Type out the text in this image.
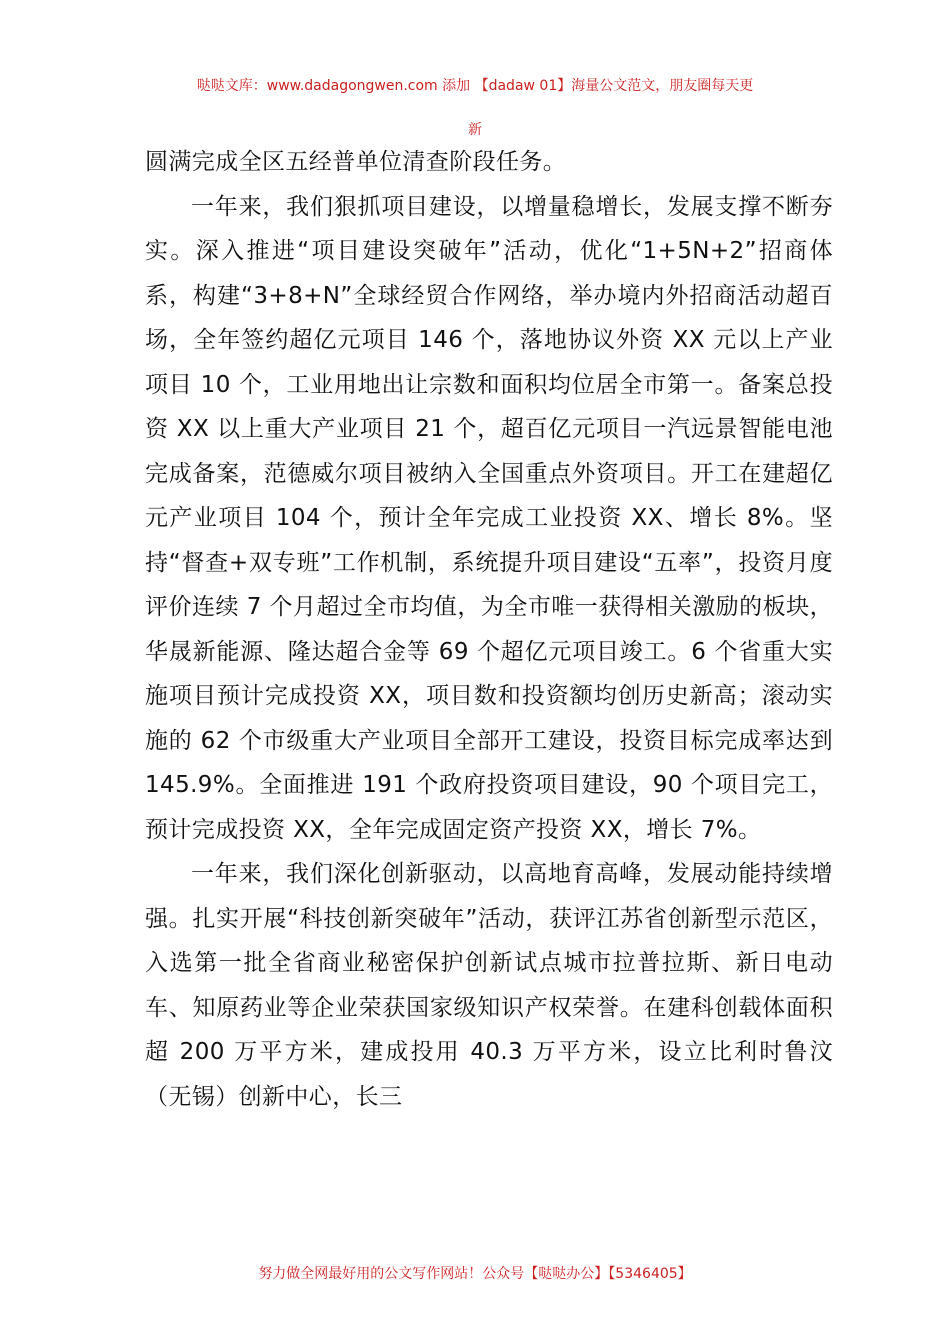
哒哒文库：www.dadagongwen.com 添加 【dadaw 01】海量公文范文，朋友圈每天更
新

圆满完成全区五经普单位清查阶段任务。

一年来，我们狠抓项目建设，以增量稳增长，发展支撑不断夯实。深入推进“项目建设突破年”活动，优化“1+5N+2”招商体系，构建“3+8+N”全球经贸合作网络，举办境内外招商活动超百场，全年签约超亿元项目 146 个，落地协议外资 XX 元以上产业项目 10 个，工业用地出让宗数和面积均位居全市第一。备案总投资 XX 以上重大产业项目 21 个，超百亿元项目一汽远景智能电池完成备案，范德威尔项目被纳入全国重点外资项目。开工在建超亿元产业项目 104 个，预计全年完成工业投资 XX、增长 8%。坚持“督查+双专班”工作机制，系统提升项目建设“五率”，投资月度评价连续 7 个月超过全市均值，为全市唯一获得相关激励的板块，华晟新能源、隆达超合金等 69 个超亿元项目竣工。6 个省重大实施项目预计完成投资 XX，项目数和投资额均创历史新高；滚动实施的 62 个市级重大产业项目全部开工建设，投资目标完成率达到 145.9%。全面推进 191 个政府投资项目建设，90 个项目完工，预计完成投资 XX，全年完成固定资产投资 XX，增长 7%。

一年来，我们深化创新驱动，以高地育高峰，发展动能持续增强。扎实开展“科技创新突破年”活动，获评江苏省创新型示范区，入选第一批全省商业秘密保护创新试点城市拉普拉斯、新日电动车、知原药业等企业荣获国家级知识产权荣誉。在建科创载体面积超 200 万平方米，建成投用 40.3 万平方米，设立比利时鲁汶（无锡）创新中心，长三

努力做全网最好用的公文写作网站！公众号【哒哒办公】【5346405】
